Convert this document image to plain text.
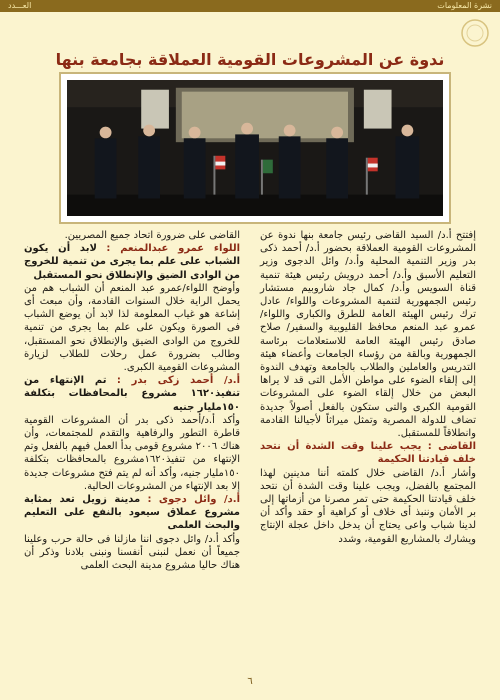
نشرة المعلومات
العـــدد
ندوة عن المشروعات القومية العملاقة بجامعة بنها

إفتتح أ.د/ السيد القاضى رئيس جامعة بنها ندوة عن المشروعات القومية العملاقة بحضور أ.د/ أحمد ذكى بدر وزير التنمية المحلية وأ.د/ وائل الدجوى وزير التعليم الأسبق وأ.د/ أحمد درويش رئيس هيئة تنمية قناة السويس وأ.د/ كمال جاد شاروبيم مستشار رئيس الجمهورية لتنمية المشروعات واللواء/ عادل ترك رئيس الهيئة العامة للطرق والكبارى واللواء/ عمرو عبد المنعم محافظ القليوبية والسفير/ صلاح صادق رئيس الهيئة العامة للاستعلامات برئاسة الجمهورية وبالقة من رؤساء الجامعات وأعضاء هيئة التدريس والعاملين والطلاب بالجامعة وتهدف الندوة إلى إلقاء الضوء على مواطن الأمل التى قد لا يراها البعض من خلال إلقاء الضوء على المشروعات القومية الكبرى والتى ستكون بالفعل أصولاً جديدة تضاف للدولة المصرية وتمثل ميراثاً لأجيالنا القادمة وانطلاقاً للمستقبل.

القاضى : يجب علينا وقت الشدة أن نتحد خلف قيادتنا الحكيمة

وأشار أ.د/ القاضى خلال كلمته أننا مدينين لهذا المجتمع بالفضل، ويجب علينا وقت الشدة أن نتحد خلف قيادتنا الحكيمة حتى تمر مصرنا من أزماتها إلى بر الأمان وننبذ أى خلاف أو كراهية أو حقد وأكد أن لدينا شباب واعى يحتاج أن يدخل داخل عجلة الإنتاج ويشارك بالمشاريع القومية، وشدد

القاضى على ضرورة اتحاد جميع المصريين.

اللواء عمرو عبدالمنعم : لابد أن يكون الشباب على علم بما يجرى من تنمية للخروج من الوادى الضيق والإنطلاق نحو المستقبل

وأوضح اللواء/عمرو عبد المنعم أن الشباب هم من يحمل الراية خلال السنوات القادمة، وأن مبعث أى إشاعة هو غياب المعلومة لذا لابد أن يوضع الشباب فى الصورة ويكون على علم بما يجرى من تنمية للخروج من الوادى الضيق والإنطلاق نحو المستقبل، وطالب بضرورة عمل رحلات للطلاب لزيارة المشروعات القومية الكبرى.

أ.د/ أحمد زكى بدر : تم الإنتهاء من تنفيذ١٦٢٠ مشروع بالمحافظات بتكلفة ١٥٠مليار جنيه

وأكد أ.د/أحمد ذكى بدر أن المشروعات القومية قاطرة التطور والرفاهية والتقدم للمجتمعات، وأن هناك ٢٠٠٦ مشروع قومى بدأ العمل فيهم بالفعل وتم الإنتهاء من تنفيذ١٦٢٠مشروع بالمحافظات بتكلفة ١٥٠مليار جنيه، وأكد أنه لم يتم فتح مشروعات جديدة إلا بعد الإنتهاء من المشروعات الحالية.

أ.د/ وائل دجوى : مدينة زويل تعد بمثابة مشروع عملاق سيعود بالنفع على التعليم والبحث العلمى

وأكد أ.د/ وائل دجوى اننا مازلنا فى حالة حرب وعلينا جميعاً أن نعمل لنبنى أنفسنا ونبنى بلادنا وذكر أن هناك حاليا مشروع مدينة البحث العلمى

٦
